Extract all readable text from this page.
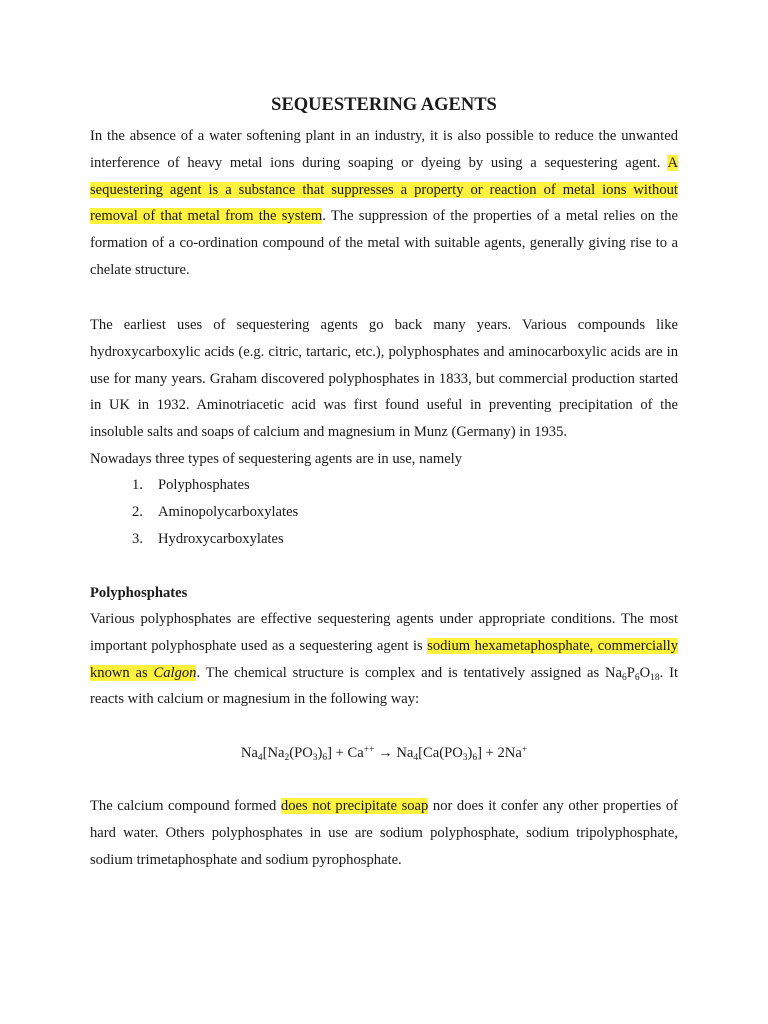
SEQUESTERING AGENTS

In the absence of a water softening plant in an industry, it is also possible to reduce the unwanted interference of heavy metal ions during soaping or dyeing by using a sequestering agent. A sequestering agent is a substance that suppresses a property or reaction of metal ions without removal of that metal from the system. The suppression of the properties of a metal relies on the formation of a co-ordination compound of the metal with suitable agents, generally giving rise to a chelate structure.

The earliest uses of sequestering agents go back many years. Various compounds like hydroxycarboxylic acids (e.g. citric, tartaric, etc.), polyphosphates and aminocarboxylic acids are in use for many years. Graham discovered polyphosphates in 1833, but commercial production started in UK in 1932. Aminotriacetic acid was first found useful in preventing precipitation of the insoluble salts and soaps of calcium and magnesium in Munz (Germany) in 1935.

Nowadays three types of sequestering agents are in use, namely
1. Polyphosphates
2. Aminopolycarboxylates
3. Hydroxycarboxylates
Polyphosphates

Various polyphosphates are effective sequestering agents under appropriate conditions. The most important polyphosphate used as a sequestering agent is sodium hexametaphosphate, commercially known as Calgon. The chemical structure is complex and is tentatively assigned as $Na_6P_6O_{18}$. It reacts with calcium or magnesium in the following way:

$Na_4[Na_2(PO_3)_6] + Ca^{++} \to Na_4[Ca(PO_3)_6] + 2Na^+$

The calcium compound formed does not precipitate soap nor does it confer any other properties of hard water. Others polyphosphates in use are sodium polyphosphate, sodium tripolyphosphate, sodium trimetaphosphate and sodium pyrophosphate.
